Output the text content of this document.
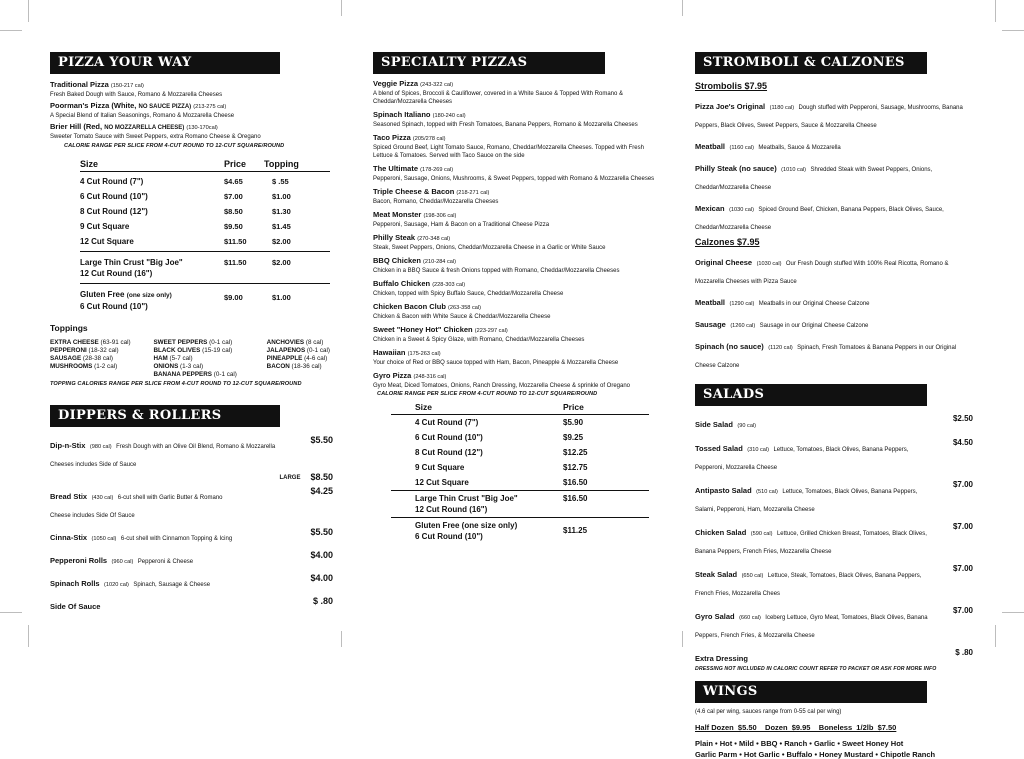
PIZZA YOUR WAY
Traditional Pizza (150-217 cal)
Fresh Baked Dough with Sauce, Romano & Mozzarella Cheeses
Poorman's Pizza (White, NO SAUCE PIZZA) (213-275 cal)
A Special Blend of Italian Seasonings, Romano & Mozzarella Cheese
Brier Hill (Red, NO MOZZARELLA CHEESE) (130-170cal)
Sweeter Tomato Sauce with Sweet Peppers, extra Romano Cheese & Oregano
CALORIE RANGE PER SLICE FROM 4-CUT ROUND TO 12-CUT SQUARE/ROUND
Size	Price	Topping
4 Cut Round (7")	$4.65	$ .55
6 Cut Round (10")	$7.00	$1.00
8 Cut Round (12")	$8.50	$1.30
9 Cut Square	$9.50	$1.45
12 Cut Square	$11.50	$2.00
Large Thin Crust "Big Joe"
12 Cut Round (16")
$11.50	$2.00
Gluten Free (one size only)
6 Cut Round (10")
$9.00	$1.00
Toppings
EXTRA CHEESE (63-91 cal)
PEPPERONI (18-32 cal)
SAUSAGE (28-38 cal)
MUSHROOMS (1-2 cal)
SWEET PEPPERS (0-1 cal)
BLACK OLIVES (15-19 cal)
HAM (5-7 cal)
ONIONS (1-3 cal)
BANANA PEPPERS (0-1 cal)
ANCHOVIES (8 cal)
JALAPENOS (0-1 cal)
PINEAPPLE (4-6 cal)
BACON (18-36 cal)
TOPPING CALORIES RANGE PER SLICE FROM 4-CUT ROUND TO 12-CUT SQUARE/ROUND
DIPPERS & ROLLERS
Dip-n-Stix (980 cal) Fresh Dough with an Olive Oil Blend, Romano & Mozzarella Cheeses includes Side of Sauce
$5.50
LARGE $8.50
Bread Stix (430 cal) 6-cut shell with Garlic Butter & Romano Cheese includes Side Of Sauce
$4.25
Cinna-Stix (1050 cal) 6-cut shell with Cinnamon Topping & Icing
$5.50
Pepperoni Rolls (960 cal) Pepperoni & Cheese
$4.00
Spinach Rolls (1020 cal) Spinach, Sausage & Cheese
$4.00
Side Of Sauce
$ .80
SPECIALTY PIZZAS
Veggie Pizza (243-322 cal)
A blend of Spices, Broccoli & Cauliflower, covered in a White Sauce & Topped With Romano & Cheddar/Mozzarella Cheeses
Spinach Italiano (180-240 cal)
Seasoned Spinach, topped with Fresh Tomatoes, Banana Peppers, Romano & Mozzarella Cheeses
Taco Pizza (205/278 cal)
Spiced Ground Beef, Light Tomato Sauce, Romano, Cheddar/Mozzarella Cheeses. Topped with Fresh Lettuce & Tomatoes. Served with Taco Sauce on the side
The Ultimate (178-269 cal)
Pepperoni, Sausage, Onions, Mushrooms, & Sweet Peppers, topped with Romano & Mozzarella Cheeses
Triple Cheese & Bacon (218-271 cal)
Bacon, Romano, Cheddar/Mozzarella Cheeses
Meat Monster (198-306 cal)
Pepperoni, Sausage, Ham & Bacon on a Traditional Cheese Pizza
Philly Steak (270-348 cal)
Steak, Sweet Peppers, Onions, Cheddar/Mozzarella Cheese in a Garlic or White Sauce
BBQ Chicken (210-284 cal)
Chicken in a BBQ Sauce & fresh Onions topped with Romano, Cheddar/Mozzarella Cheeses
Buffalo Chicken (228-303 cal)
Chicken, topped with Spicy Buffalo Sauce, Cheddar/Mozzarella Cheese
Chicken Bacon Club (263-358 cal)
Chicken & Bacon with White Sauce & Cheddar/Mozzarella Cheese
Sweet "Honey Hot" Chicken (223-297 cal)
Chicken in a Sweet & Spicy Glaze, with Romano, Cheddar/Mozzarella Cheeses
Hawaiian (175-263 cal)
Your choice of Red or BBQ sauce topped with Ham, Bacon, Pineapple & Mozzarella Cheese
Gyro Pizza (248-316 cal)
Gyro Meat, Diced Tomatoes, Onions, Ranch Dressing, Mozzarella Cheese & sprinkle of Oregano
CALORIE RANGE PER SLICE FROM 4-CUT ROUND TO 12-CUT SQUARE/ROUND
Size	Price
4 Cut Round (7")	$5.90
6 Cut Round (10")	$9.25
8 Cut Round (12")	$12.25
9 Cut Square	$12.75
12 Cut Square	$16.50
Large Thin Crust "Big Joe"
12 Cut Round (16")
$16.50
Gluten Free (one size only)
6 Cut Round (10")
$11.25
STROMBOLI & CALZONES
Strombolis $7.95
Pizza Joe's Original (1180 cal) Dough stuffed with Pepperoni, Sausage, Mushrooms, Banana Peppers, Black Olives, Sweet Peppers, Sauce & Mozzarella Cheese
Meatball (1160 cal) Meatballs, Sauce & Mozzarella
Philly Steak (no sauce) (1010 cal) Shredded Steak with Sweet Peppers, Onions, Cheddar/Mozzarella Cheese
Mexican (1030 cal) Spiced Ground Beef, Chicken, Banana Peppers, Black Olives, Sauce, Cheddar/Mozzarella Cheese
Calzones $7.95
Original Cheese (1030 cal) Our Fresh Dough stuffed With 100% Real Ricotta, Romano & Mozzarella Cheeses with Pizza Sauce
Meatball (1290 cal) Meatballs in our Original Cheese Calzone
Sausage (1260 cal) Sausage in our Original Cheese Calzone
Spinach (no sauce) (1120 cal) Spinach, Fresh Tomatoes & Banana Peppers in our Original Cheese Calzone
SALADS
Side Salad (90 cal)
$2.50
Tossed Salad (310 cal) Lettuce, Tomatoes, Black Olives, Banana Peppers, Pepperoni, Mozzarella Cheese
$4.50
Antipasto Salad (510 cal) Lettuce, Tomatoes, Black Olives, Banana Peppers, Salami, Pepperoni, Ham, Mozzarella Cheese
$7.00
Chicken Salad (590 cal) Lettuce, Grilled Chicken Breast, Tomatoes, Black Olives, Banana Peppers, French Fries, Mozzarella Cheese
$7.00
Steak Salad (650 cal) Lettuce, Steak, Tomatoes, Black Olives, Banana Peppers, French Fries, Mozzarella Chees
$7.00
Gyro Salad (660 cal) Iceberg Lettuce, Gyro Meat, Tomatoes, Black Olives, Banana Peppers, French Fries, & Mozzarella Cheese
$7.00
Extra Dressing
$ .80
DRESSING NOT INCLUDED IN CALORIC COUNT REFER TO PACKET OR ASK FOR MORE INFO
WINGS
(4.6 cal per wing, sauces range from 0-55 cal per wing)
Half Dozen  $5.50    Dozen  $9.95    Boneless  1/2lb  $7.50
Plain • Hot • Mild • BBQ • Ranch • Garlic • Sweet Honey Hot
Garlic Parm • Hot Garlic • Buffalo • Honey Mustard • Chipotle Ranch
